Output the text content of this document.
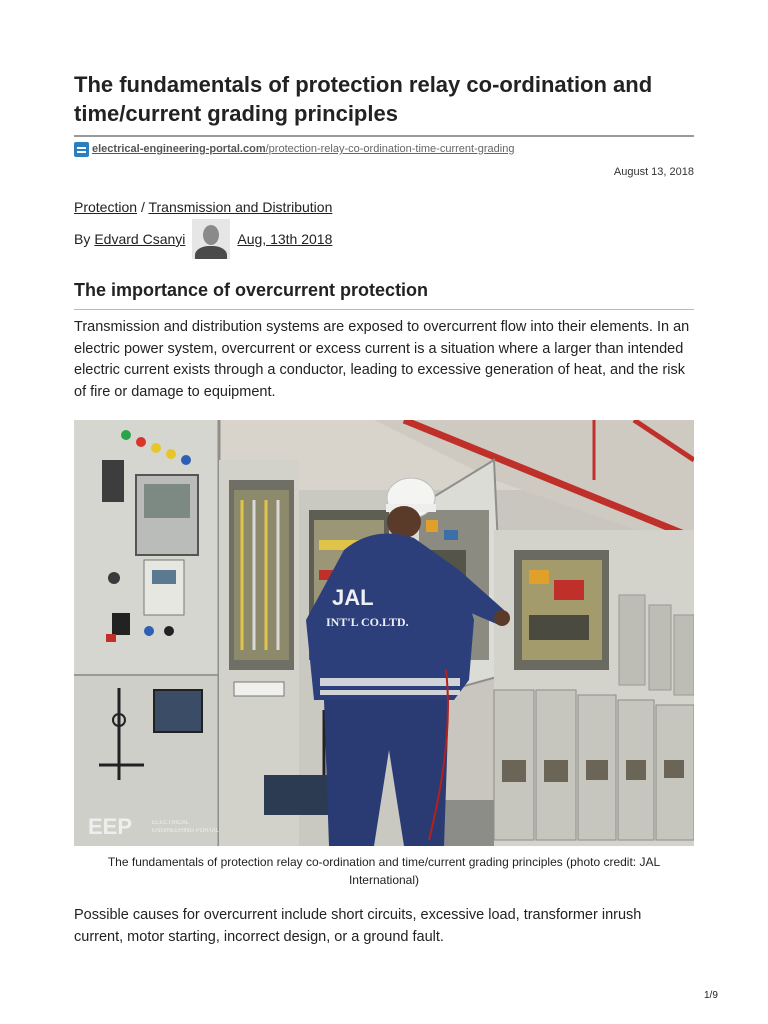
The fundamentals of protection relay co-ordination and time/current grading principles
electrical-engineering-portal.com /protection-relay-co-ordination-time-current-grading
August 13, 2018
Protection / Transmission and Distribution
By Edvard Csanyi	Aug, 13th 2018
The importance of overcurrent protection

Transmission and distribution systems are exposed to overcurrent flow into their elements. In an electric power system, overcurrent or excess current is a situation where a larger than intended electric current exists through a conductor, leading to excessive generation of heat, and the risk of fire or damage to equipment.

JAL
INT'L CO.LTD.
EEP	ELECTRICAL
ENGINEERING PORTAL
The fundamentals of protection relay co-ordination and time/current grading principles (photo credit: JAL International)

Possible causes for overcurrent include short circuits, excessive load, transformer inrush current, motor starting, incorrect design, or a ground fault.

1/9
